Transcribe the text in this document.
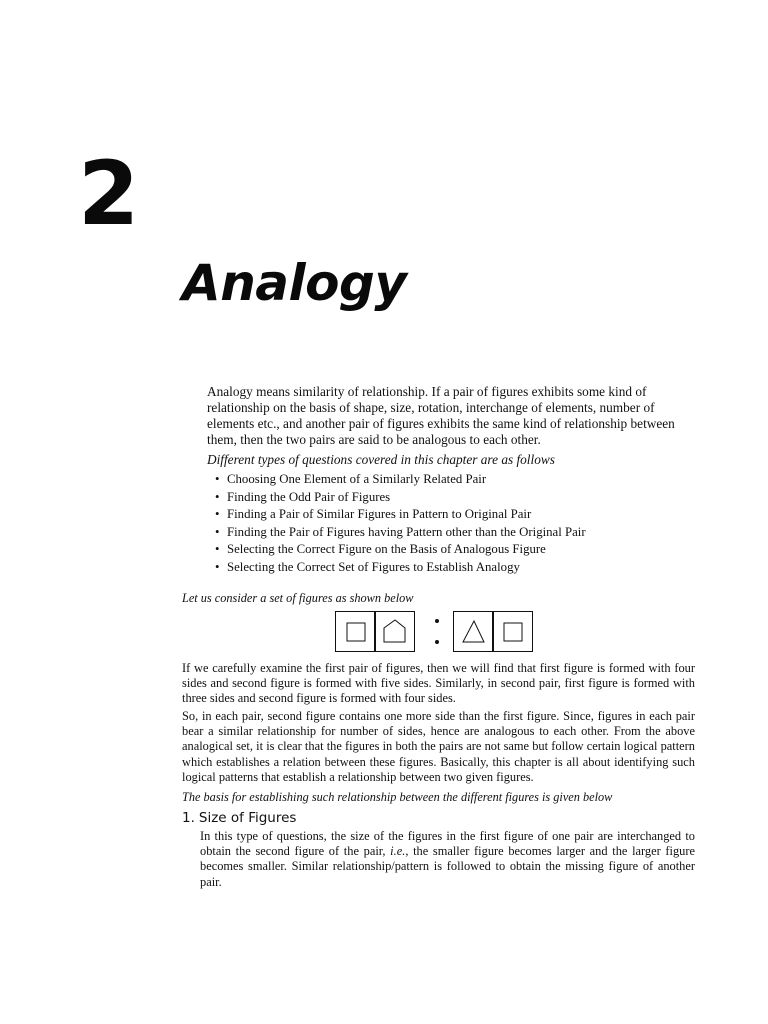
2
Analogy

Analogy means similarity of relationship. If a pair of figures exhibits some kind of relationship on the basis of shape, size, rotation, interchange of elements, number of elements etc., and another pair of figures exhibits the same kind of relationship between them, then the two pairs are said to be analogous to each other.

Different types of questions covered in this chapter are as follows

• Choosing One Element of a Similarly Related Pair
• Finding the Odd Pair of Figures
• Finding a Pair of Similar Figures in Pattern to Original Pair
• Finding the Pair of Figures having Pattern other than the Original Pair
• Selecting the Correct Figure on the Basis of Analogous Figure
• Selecting the Correct Set of Figures to Establish Analogy
Let us consider a set of figures as shown below

If we carefully examine the first pair of figures, then we will find that first figure is formed with four sides and second figure is formed with five sides. Similarly, in second pair, first figure is formed with three sides and second figure is formed with four sides.

So, in each pair, second figure contains one more side than the first figure. Since, figures in each pair bear a similar relationship for number of sides, hence are analogous to each other. From the above analogical set, it is clear that the figures in both the pairs are not same but follow certain logical pattern which establishes a relation between these figures. Basically, this chapter is all about identifying such logical patterns that establish a relationship between two given figures.

The basis for establishing such relationship between the different figures is given below
1. Size of Figures
In this type of questions, the size of the figures in the first figure of one pair are interchanged to obtain the second figure of the pair, i.e., the smaller figure becomes larger and the larger figure becomes smaller. Similar relationship/pattern is followed to obtain the missing figure of another pair.
